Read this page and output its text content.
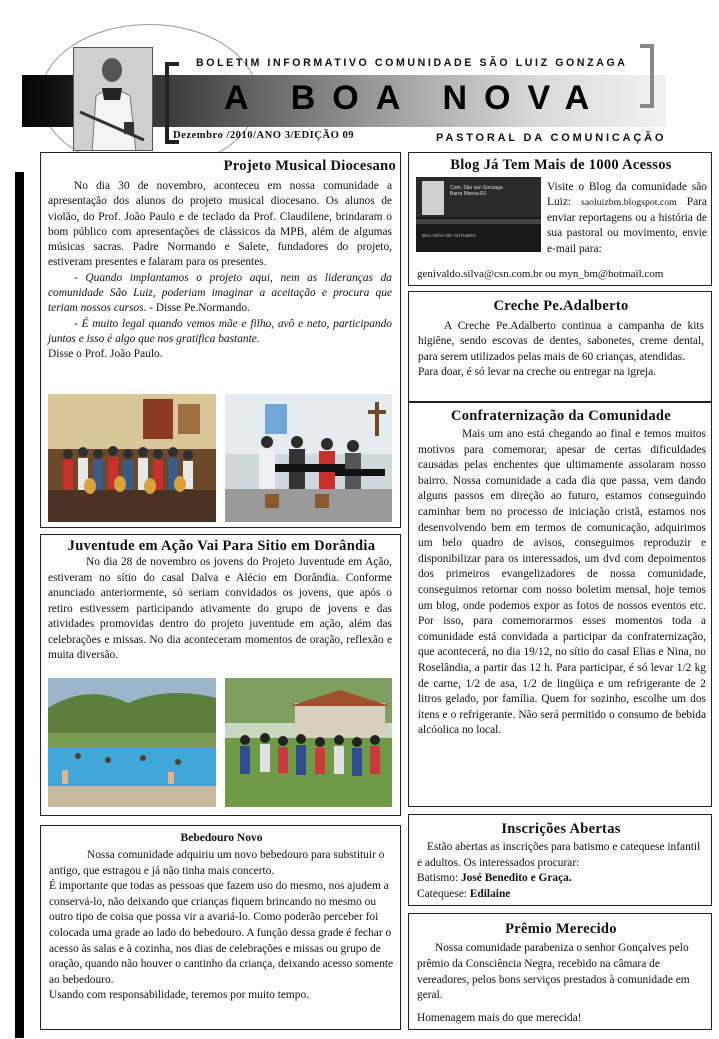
BOLETIM INFORMATIVO COMUNIDADE SÃO LUIZ GONZAGA
A BOA NOVA
Dezembro /2010/ANO 3/EDIÇÃO 09	PASTORAL DA COMUNICAÇÃO
Projeto Musical Diocesano

No dia 30 de novembro, aconteceu em nossa comunidade a apresentação dos alunos do projeto musical diocesano. Os alunos de violão, do Prof. João Paulo e de teclado da Prof. Claudilene, brindaram o bom público com apresentações de clássicos da MPB, além de algumas músicas sacras. Padre Normando e Salete, fundadores do projeto, estiveram presentes e falaram para os presentes.

- Quando implantamos o projeto aqui, nem as lideranças da comunidade São Luiz, poderiam imaginar a aceitação e procura que teriam nossos cursos. - Disse Pe.Normando.

- É muito legal quando vemos mãe e filho, avô e neto, participando juntos e isso é algo que nos gratifica bastante.

Disse o Prof. João Paulo.

Blog Já Tem Mais de 1000 Acessos
Com. São luiz Gonzaga
Barra Mansa-RJ
BOA NOVA DE OUTUBRO
Visite o Blog da comunidade são Luiz: saoluizbm.blogspot.com Para enviar reportagens ou a história de sua pastoral ou movimento, envie e-mail para:
genivaldo.silva@csn.com.br ou myn_bm@hotmail.com
Creche Pe.Adalberto

A Creche Pe.Adalberto continua a campanha de kits higiêne, sendo escovas de dentes, sabonetes, creme dental, para serem utilizados pelas mais de 60 crianças, atendidas.

Para doar, é só levar na creche ou entregar na igreja.

Confraternização da Comunidade

Mais um ano está chegando ao final e temos muitos motivos para comemorar, apesar de certas dificuldades causadas pelas enchentes que ultimamente assolaram nosso bairro. Nossa comunidade a cada dia que passa, vem dando alguns passos em direção ao futuro, estamos conseguindo caminhar bem no processo de iniciação cristã, estamos nos desenvolvendo bem em termos de comunicação, adquirimos um belo quadro de avisos, conseguimos reproduzir e disponibilizar para os interessados, um dvd com depoimentos dos primeiros evangelizadores de nossa comunidade, conseguimos retornar com nosso boletim mensal, hoje temos um blog, onde podemos expor as fotos de nossos eventos etc. Por isso, para comemorarmos esses momentos toda a comunidade está convidada a participar da confraternização, que acontecerá, no dia 19/12, no sítio do casal Elias e Nina, no Roselândia, a partir das 12 h. Para participar, é só levar 1/2 kg de carne, 1/2 de asa, 1/2 de lingüiça e um refrigerante de 2 litros gelado, por família. Quem for sozinho, escolhe um dos itens e o refrigerante. Não será permitido o consumo de bebida alcóolica no local.

Juventude em Ação Vai Para Sitio em Dorândia

No dia 28 de novembro os jovens do Projeto Juventude em Ação, estiveram no sítio do casal Dalva e Alécio em Dorândia. Conforme anunciado anteriormente, só seriam convidados os jovens, que após o retiro estivessem participando ativamente do grupo de jovens e das atividades promovidas dentro do projeto juventude em ação, além das celebrações e missas. No dia aconteceram momentos de oração, reflexão e muita diversão.

Bebedouro Novo

Nossa comunidade adquiriu um novo bebedouro para substituir o antigo, que estragou e já não tinha mais concerto.

É importante que todas as pessoas que fazem uso do mesmo, nos ajudem a conservá-lo, não deixando que crianças fiquem brincando no mesmo ou outro tipo de coisa que possa vir a avariá-lo. Como poderão perceber foi colocada uma grade ao lado do bebedouro. A função dessa grade é fechar o acesso às salas e à cozinha, nos dias de celebrações e missas ou grupo de oração, quando não houver o cantinho da criança, deixando acesso somente ao bebedouro.

Usando com responsabilidade, teremos por muito tempo.

Inscrições Abertas

Estão abertas as inscrições para batismo e catequese infantil e adultos. Os interessados procurar:

Batismo: José Benedito e Graça.

Catequese: Edilaine

Prêmio Merecido

Nossa comunidade parabeniza o senhor Gonçalves pelo prêmio da Consciência Negra, recebido na câmara de vereadores, pelos bons serviços prestados à comunidade em geral.

Homenagem mais do que merecida!
